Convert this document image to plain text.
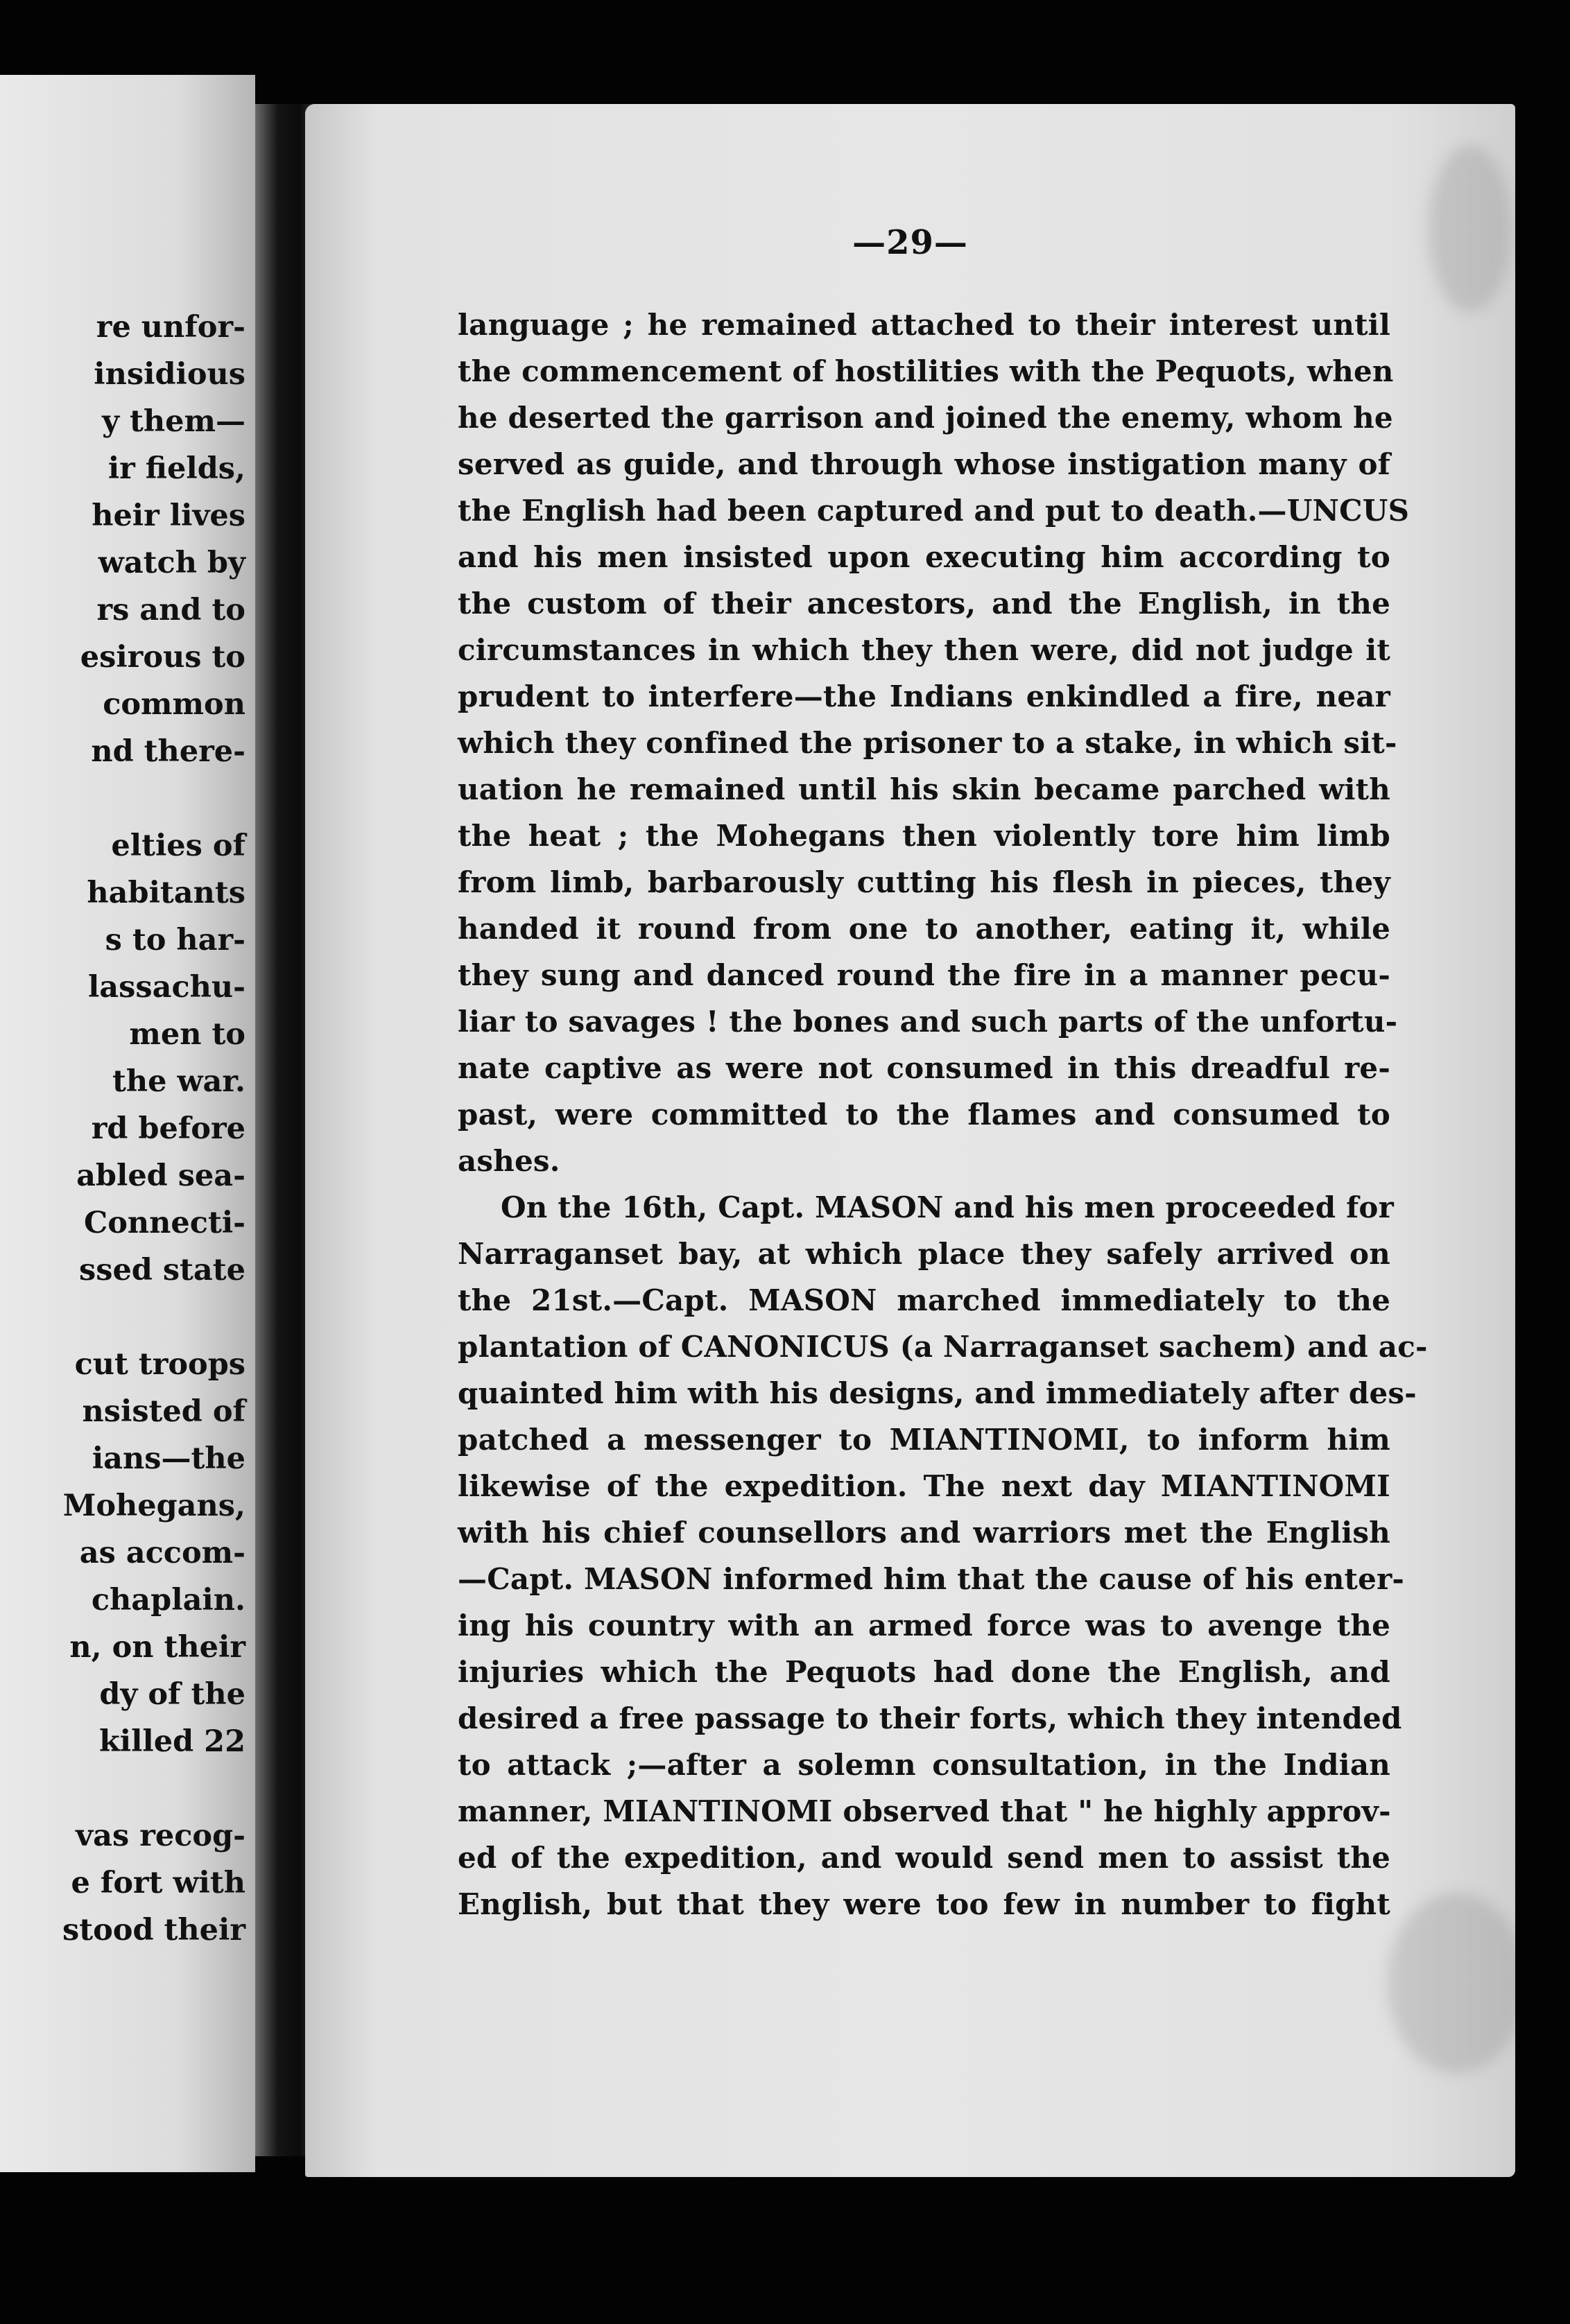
re unfor-
insidious
y them—
ir fields,
heir lives
watch by
rs and to
esirous to
common
nd there-
elties of
habitants
s to har-
lassachu-
men to
the war.
rd before
abled sea-
Connecti-
ssed state
cut troops
nsisted of
ians—the
Mohegans,
as accom-
chaplain.
n, on their
dy of the
killed 22
vas recog-
e fort with
stood their
—29—
language ; he remained attached to their interest until
the commencement of hostilities with the Pequots, when
he deserted the garrison and joined the enemy, whom he
served as guide, and through whose instigation many of
the English had been captured and put to death.—UNCUS
and his men insisted upon executing him according to
the custom of their ancestors, and the English, in the
circumstances in which they then were, did not judge it
prudent to interfere—the Indians enkindled a fire, near
which they confined the prisoner to a stake, in which sit-
uation he remained until his skin became parched with
the heat ; the Mohegans then violently tore him limb
from limb, barbarously cutting his flesh in pieces, they
handed it round from one to another, eating it, while
they sung and danced round the fire in a manner pecu-
liar to savages ! the bones and such parts of the unfortu-
nate captive as were not consumed in this dreadful re-
past, were committed to the flames and consumed to
ashes.
On the 16th, Capt. MASON and his men proceeded for
Narraganset bay, at which place they safely arrived on
the 21st.—Capt. MASON marched immediately to the
plantation of CANONICUS (a Narraganset sachem) and ac-
quainted him with his designs, and immediately after des-
patched a messenger to MIANTINOMI, to inform him
likewise of the expedition. The next day MIANTINOMI
with his chief counsellors and warriors met the English
—Capt. MASON informed him that the cause of his enter-
ing his country with an armed force was to avenge the
injuries which the Pequots had done the English, and
desired a free passage to their forts, which they intended
to attack ;—after a solemn consultation, in the Indian
manner, MIANTINOMI observed that " he highly approv-
ed of the expedition, and would send men to assist the
English, but that they were too few in number to fight
